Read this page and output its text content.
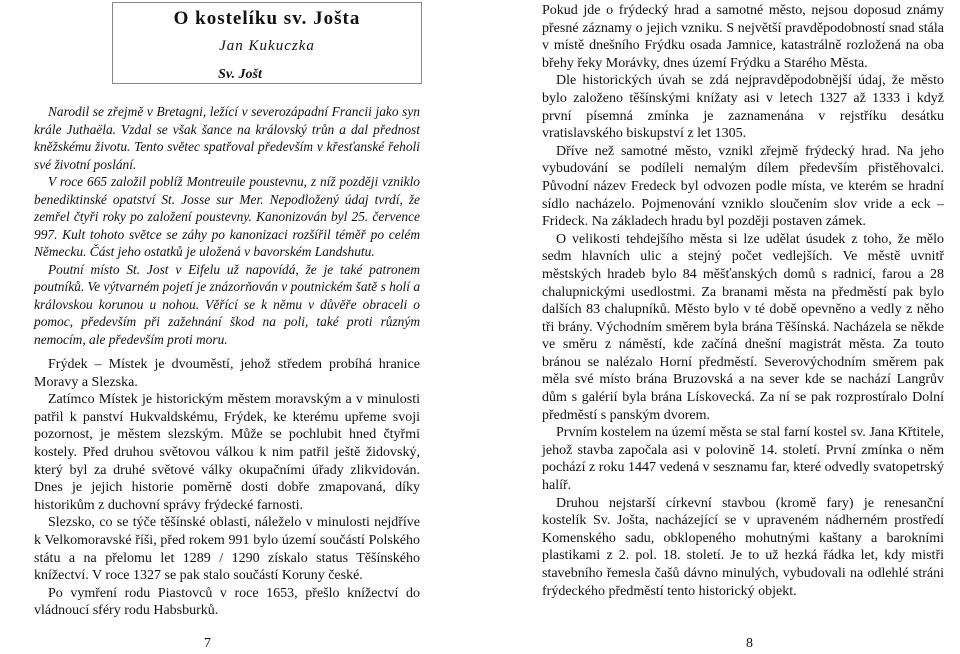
O kostelíku sv. Jošta
Jan Kukuczka
Sv. Jošt

Narodil se zřejmě v Bretagni, ležící v severozápadní Francii jako syn krále Juthaëla. Vzdal se však šance na královský trůn a dal přednost kněžskému životu. Tento světec spatřoval především v křesťanské řeholi své životní poslání.

V roce 665 založil poblíž Montreuile poustevnu, z níž později vzniklo benediktinské opatství St. Josse sur Mer. Nepodložený údaj tvrdí, že zemřel čtyři roky po založení poustevny. Kanonizován byl 25. července 997. Kult tohoto světce se záhy po kanonizaci rozšířil téměř po celém Německu. Část jeho ostatků je uložená v bavorském Landshutu.

Poutní místo St. Jost v Eifelu už napovídá, že je také patronem poutníků. Ve výtvarném pojetí je znázorňován v poutnickém šatě s holí a královskou korunou u nohou. Věřící se k němu v důvěře obraceli o pomoc, především při zažehnání škod na poli, také proti různým nemocím, ale především proti moru.

Frýdek – Místek je dvouměstí, jehož středem probíhá hranice Moravy a Slezska.

Zatímco Místek je historickým městem moravským a v minulosti patřil k panství Hukvaldskému, Frýdek, ke kterému upřeme svoji pozornost, je městem slezským. Může se pochlubit hned čtyřmi kostely. Před druhou světovou válkou k nim patřil ještě židovský, který byl za druhé světové války okupačními úřady zlikvidován. Dnes je jejich historie poměrně dosti dobře zmapovaná, díky historikům z duchovní správy frýdecké farnosti.

Slezsko, co se týče těšínské oblasti, náleželo v minulosti nejdříve k Velkomoravské říši, před rokem 991 bylo území součástí Polského státu a na přelomu let 1289 / 1290 získalo status Těšínského knížectví. V roce 1327 se pak stalo součástí Koruny české.

Po vymření rodu Piastovců v roce 1653, přešlo knížectví do vládnoucí sféry rodu Habsburků.

7

Pokud jde o frýdecký hrad a samotné město, nejsou doposud známy přesné záznamy o jejich vzniku. S největší pravděpodobností snad stála v místě dnešního Frýdku osada Jamnice, katastrálně rozložená na oba břehy řeky Morávky, dnes území Frýdku a Starého Města.

Dle historických úvah se zdá nejpravděpodobnější údaj, že město bylo založeno těšínskými knížaty asi v letech 1327 až 1333 i když první písemná zmínka je zaznamenána v rejstříku desátku vratislavského biskupství z let 1305.

Dříve než samotné město, vznikl zřejmě frýdecký hrad. Na jeho vybudování se podíleli nemalým dílem především přistěhovalci. Původní název Fredeck byl odvozen podle místa, ve kterém se hradní sídlo nacházelo. Pojmenování vzniklo sloučením slov vride a eck – Frideck. Na základech hradu byl později postaven zámek.

O velikosti tehdejšího města si lze udělat úsudek z toho, že mělo sedm hlavních ulic a stejný počet vedlejších. Ve městě uvnitř městských hradeb bylo 84 měšťanských domů s radnicí, farou a 28 chalupnickými usedlostmi. Za branami města na předměstí pak bylo dalších 83 chalupníků. Město bylo v té době opevněno a vedly z něho tři brány. Východním směrem byla brána Těšínská. Nacházela se někde ve směru z náměstí, kde začíná dnešní magistrát města. Za touto bránou se nalézalo Horní předměstí. Severovýchodním směrem pak měla své místo brána Bruzovská a na sever kde se nachází Langrův dům s galérií byla brána Lískovecká. Za ní se pak rozprostíralo Dolní předměstí s panským dvorem.

Prvním kostelem na území města se stal farní kostel sv. Jana Křtitele, jehož stavba započala asi v polovině 14. století. První zmínka o něm pochází z roku 1447 vedená v sesznamu far, které odvedly svatopetrský halíř.

Druhou nejstarší církevní stavbou (kromě fary) je renesanční kostelík Sv. Jošta, nacházející se v upraveném nádherném prostředí Komenského sadu, obklopeného mohutnými kaštany a barokními plastikami z 2. pol. 18. století. Je to už hezká řádka let, kdy mistři stavebního řemesla čašů dávno minulých, vybudovali na odlehlé stráni frýdeckého předměstí tento historický objekt.

8
